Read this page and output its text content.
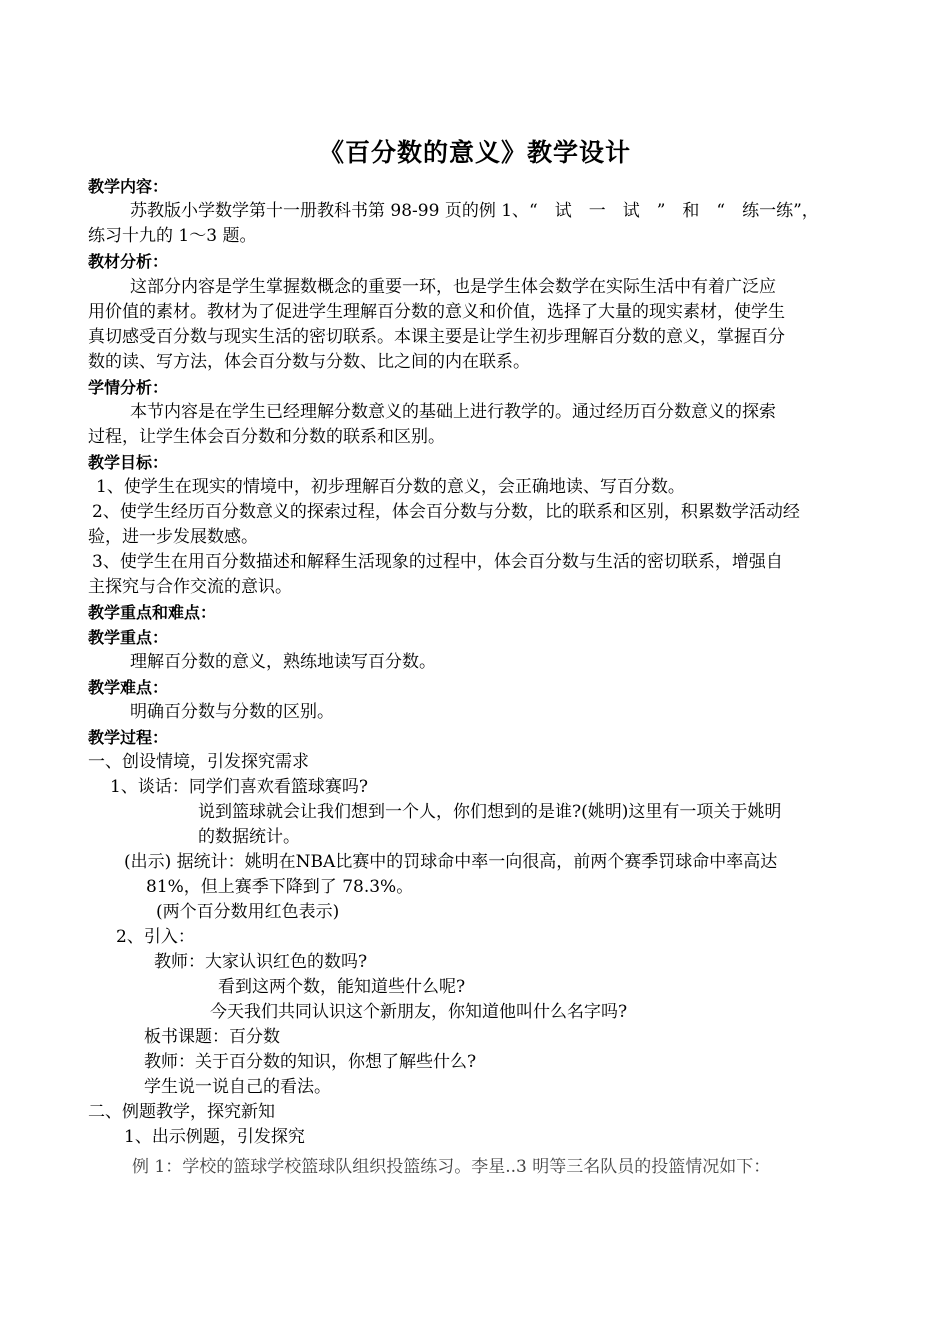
《百分数的意义》教学设计
教学内容：
苏教版小学数学第十一册教科书第 98-99 页的例 1、“　试　一　试　”　和　“　练一练”，
练习十九的 1～3 题。
教材分析：
这部分内容是学生掌握数概念的重要一环，也是学生体会数学在实际生活中有着广泛应
用价值的素材。教材为了促进学生理解百分数的意义和价值，选择了大量的现实素材，使学生
真切感受百分数与现实生活的密切联系。本课主要是让学生初步理解百分数的意义，掌握百分
数的读、写方法，体会百分数与分数、比之间的内在联系。
学情分析：
本节内容是在学生已经理解分数意义的基础上进行教学的。通过经历百分数意义的探索
过程，让学生体会百分数和分数的联系和区别。
教学目标：
1、使学生在现实的情境中，初步理解百分数的意义，会正确地读、写百分数。
2、使学生经历百分数意义的探索过程，体会百分数与分数，比的联系和区别，积累数学活动经
验，进一步发展数感。
3、使学生在用百分数描述和解释生活现象的过程中，体会百分数与生活的密切联系，增强自
主探究与合作交流的意识。
教学重点和难点：
教学重点：
理解百分数的意义，熟练地读写百分数。
教学难点：
明确百分数与分数的区别。
教学过程：
一、创设情境，引发探究需求
1、谈话：同学们喜欢看篮球赛吗?
说到篮球就会让我们想到一个人，你们想到的是谁?(姚明)这里有一项关于姚明
的数据统计。
(出示) 据统计：姚明在NBA比赛中的罚球命中率一向很高，前两个赛季罚球命中率高达
81%，但上赛季下降到了 78.3%。
(两个百分数用红色表示)
2、引入：
教师：大家认识红色的数吗?
看到这两个数，能知道些什么呢?
今天我们共同认识这个新朋友，你知道他叫什么名字吗?
板书课题：百分数
教师：关于百分数的知识，你想了解些什么?
学生说一说自己的看法。
二、例题教学，探究新知
1、出示例题，引发探究
例 1：学校的篮球学校篮球队组织投篮练习。李星..3 明等三名队员的投篮情况如下：
